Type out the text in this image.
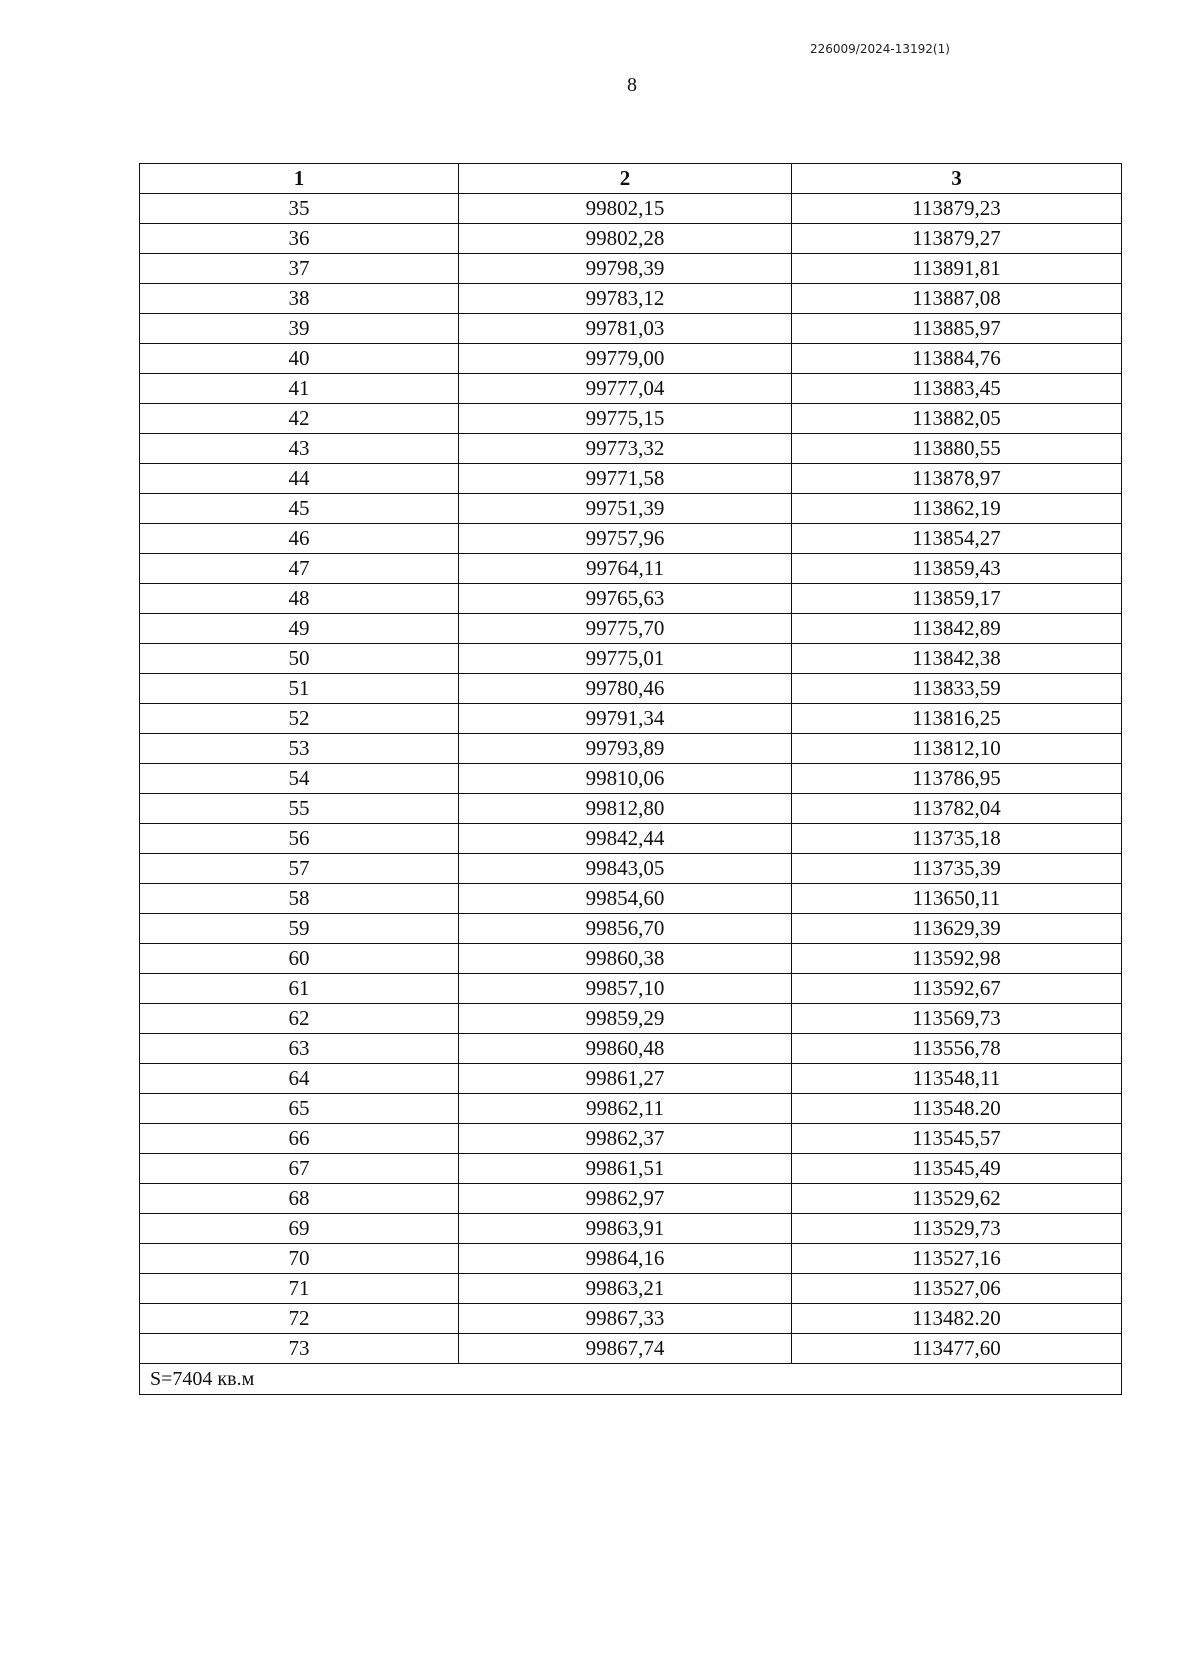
226009/2024-13192(1)
8
1	2	3
35	99802,15	113879,23
36	99802,28	113879,27
37	99798,39	113891,81
38	99783,12	113887,08
39	99781,03	113885,97
40	99779,00	113884,76
41	99777,04	113883,45
42	99775,15	113882,05
43	99773,32	113880,55
44	99771,58	113878,97
45	99751,39	113862,19
46	99757,96	113854,27
47	99764,11	113859,43
48	99765,63	113859,17
49	99775,70	113842,89
50	99775,01	113842,38
51	99780,46	113833,59
52	99791,34	113816,25
53	99793,89	113812,10
54	99810,06	113786,95
55	99812,80	113782,04
56	99842,44	113735,18
57	99843,05	113735,39
58	99854,60	113650,11
59	99856,70	113629,39
60	99860,38	113592,98
61	99857,10	113592,67
62	99859,29	113569,73
63	99860,48	113556,78
64	99861,27	113548,11
65	99862,11	113548.20
66	99862,37	113545,57
67	99861,51	113545,49
68	99862,97	113529,62
69	99863,91	113529,73
70	99864,16	113527,16
71	99863,21	113527,06
72	99867,33	113482.20
73	99867,74	113477,60
S=7404 кв.м		
